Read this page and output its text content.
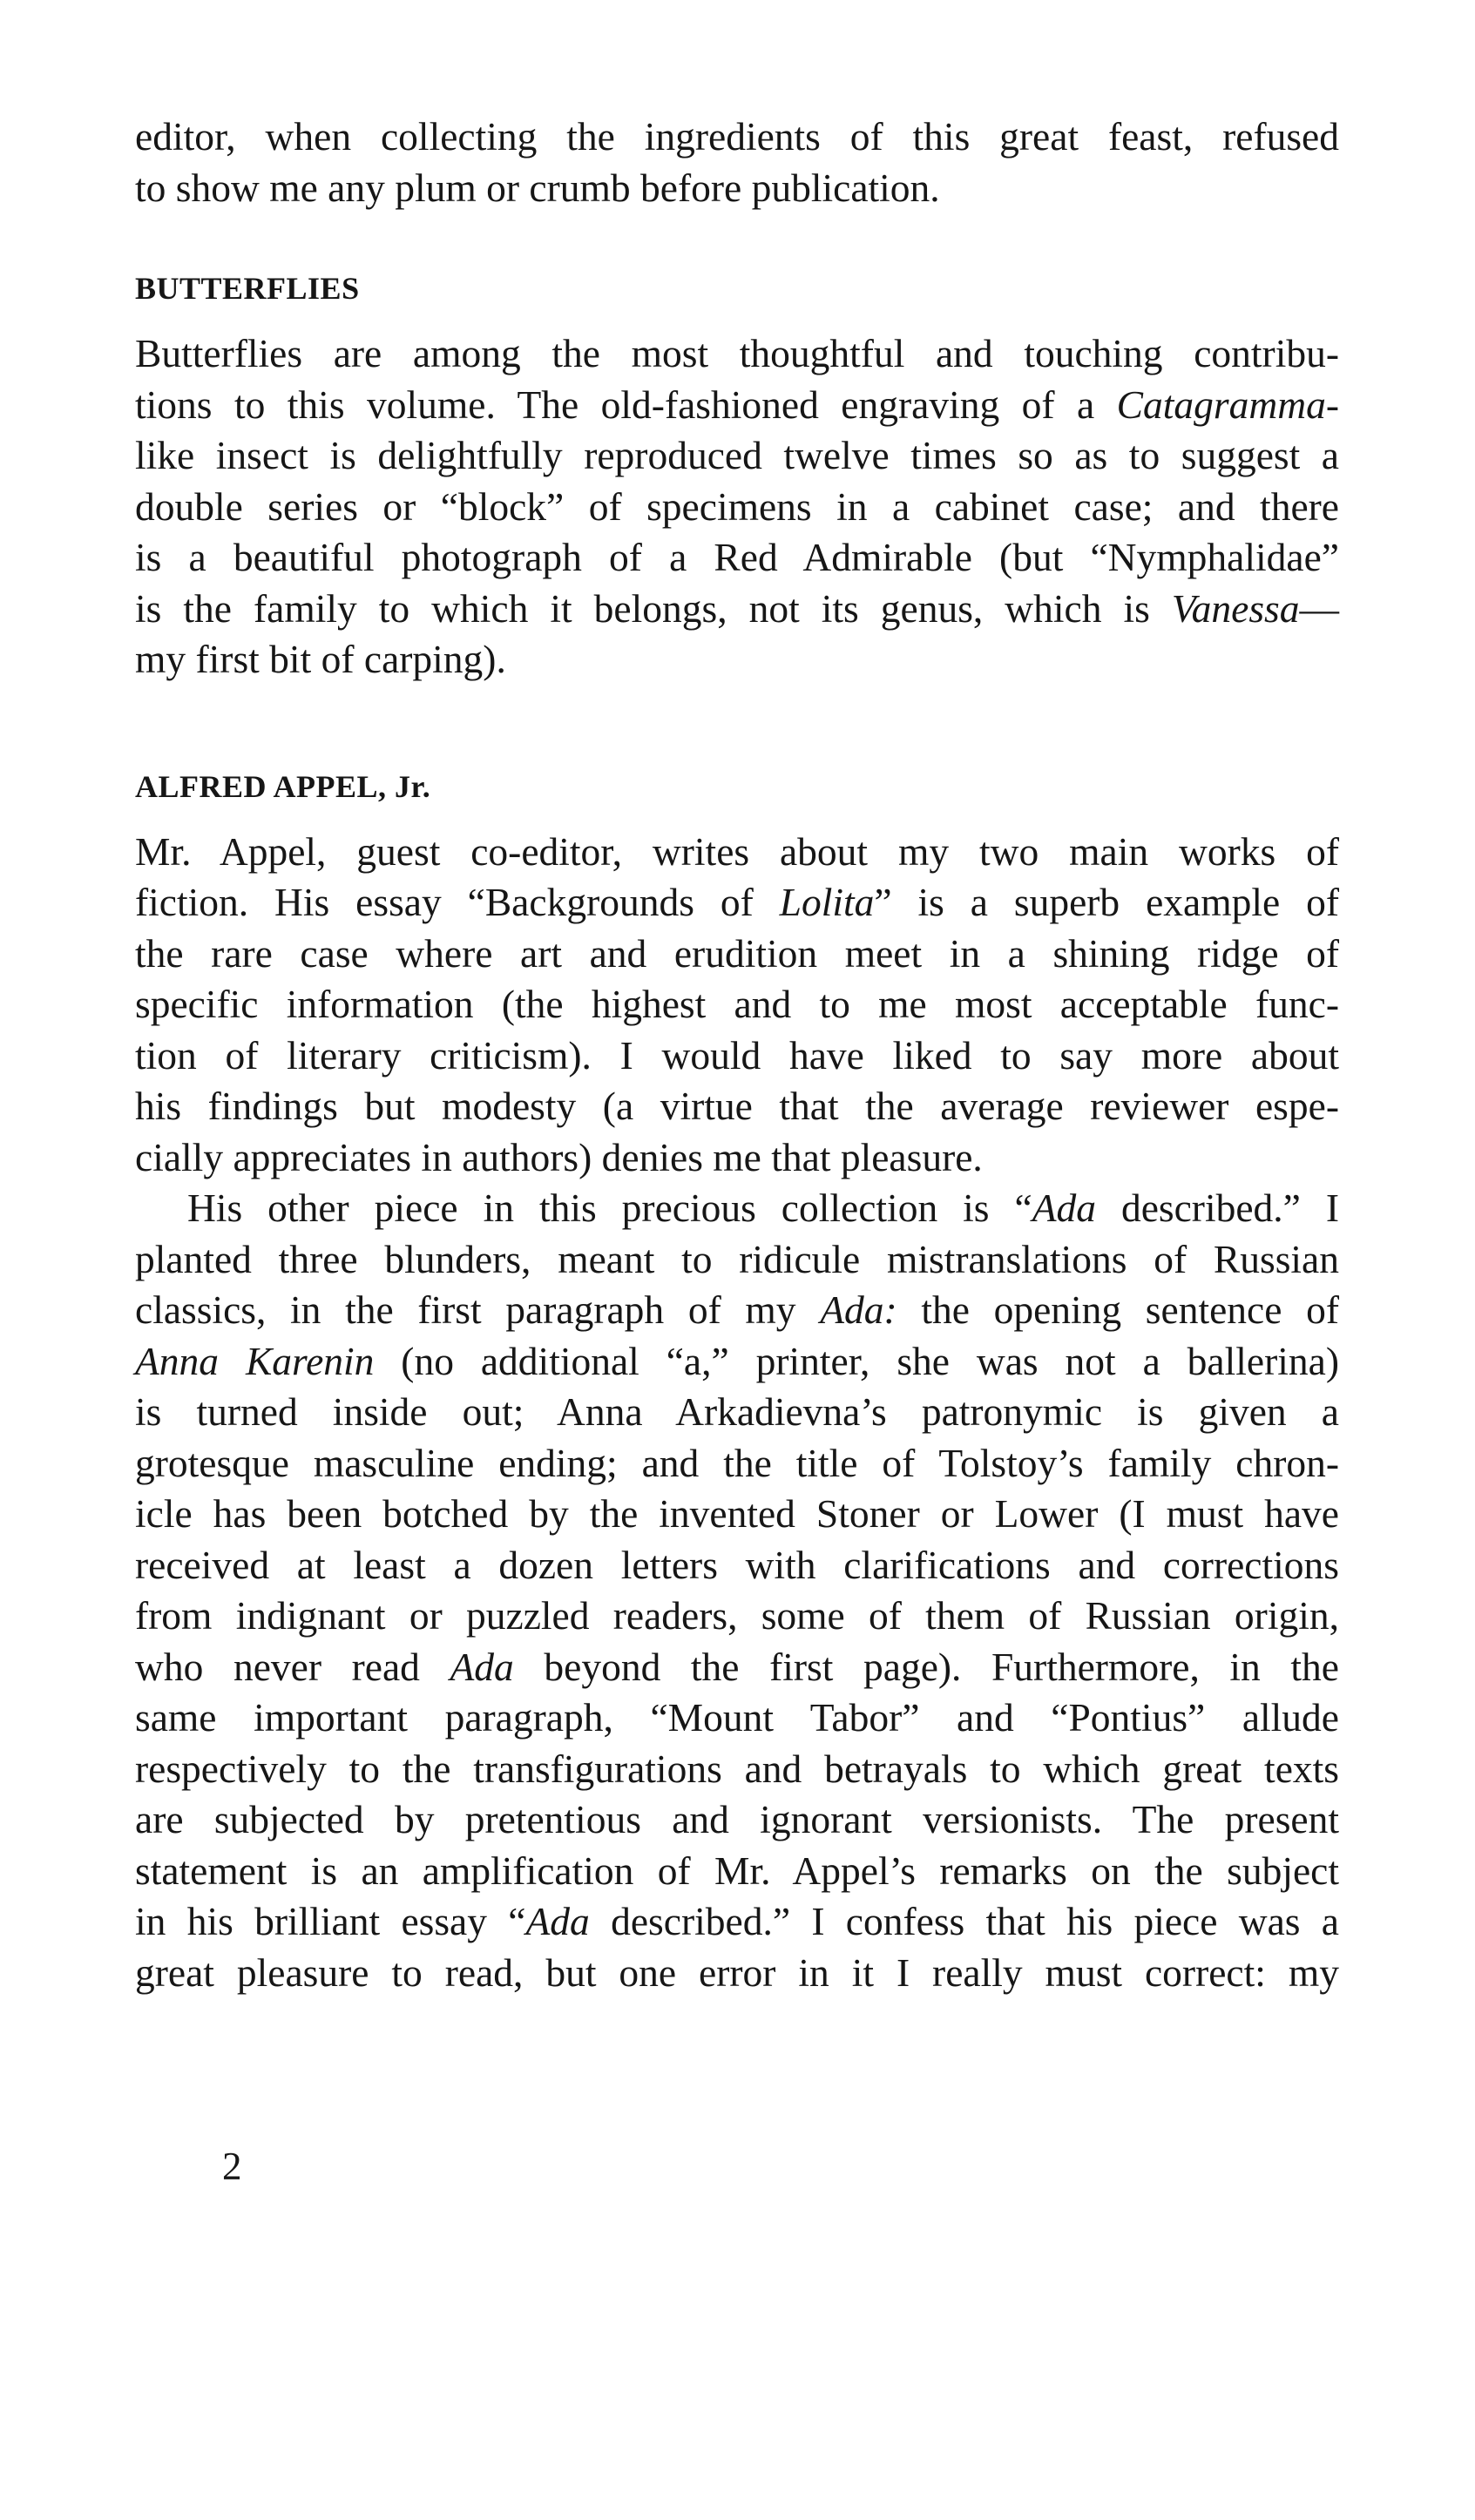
editor, when collecting the ingredients of this great feast, refused
to show me any plum or crumb before publication.

BUTTERFLIES

Butterflies are among the most thoughtful and touching contribu-
tions to this volume. The old-fashioned engraving of a Catagramma-
like insect is delightfully reproduced twelve times so as to suggest a
double series or “block” of specimens in a cabinet case; and there
is a beautiful photograph of a Red Admirable (but “Nymphalidae”
is the family to which it belongs, not its genus, which is Vanessa—
my first bit of carping).

ALFRED APPEL, Jr.

Mr. Appel, guest co-editor, writes about my two main works of
fiction. His essay “Backgrounds of Lolita” is a superb example of
the rare case where art and erudition meet in a shining ridge of
specific information (the highest and to me most acceptable func-
tion of literary criticism). I would have liked to say more about
his findings but modesty (a virtue that the average reviewer espe-
cially appreciates in authors) denies me that pleasure.

His other piece in this precious collection is “Ada described.” I
planted three blunders, meant to ridicule mistranslations of Russian
classics, in the first paragraph of my Ada: the opening sentence of
Anna Karenin (no additional “a,” printer, she was not a ballerina)
is turned inside out; Anna Arkadievna’s patronymic is given a
grotesque masculine ending; and the title of Tolstoy’s family chron-
icle has been botched by the invented Stoner or Lower (I must have
received at least a dozen letters with clarifications and corrections
from indignant or puzzled readers, some of them of Russian origin,
who never read Ada beyond the first page). Furthermore, in the
same important paragraph, “Mount Tabor” and “Pontius” allude
respectively to the transfigurations and betrayals to which great texts
are subjected by pretentious and ignorant versionists. The present
statement is an amplification of Mr. Appel’s remarks on the subject
in his brilliant essay “Ada described.” I confess that his piece was a
great pleasure to read, but one error in it I really must correct: my

2
